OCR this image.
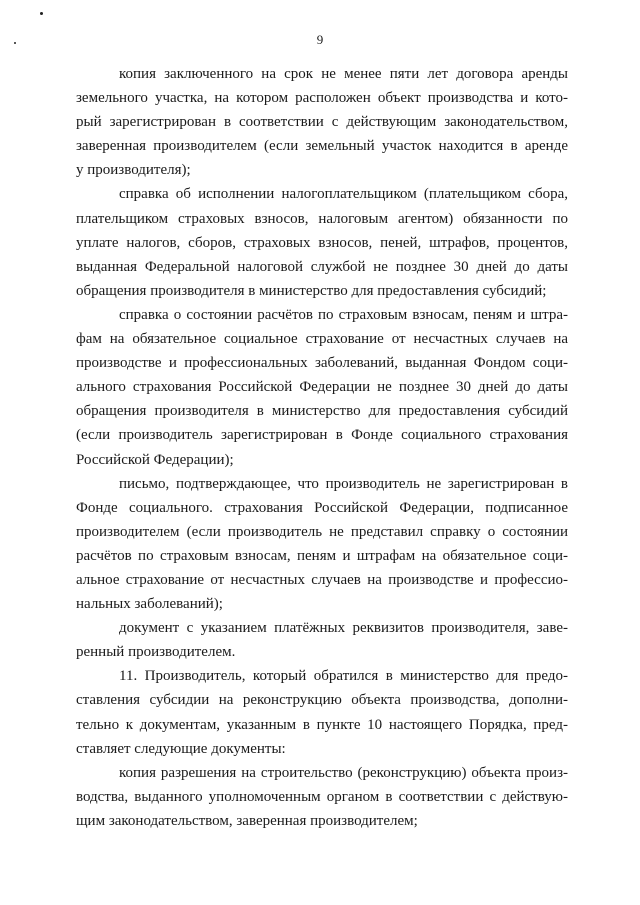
9
копия заключенного на срок не менее пяти лет договора аренды
земельного участка, на котором расположен объект производства и кото-
рый зарегистрирован в соответствии с действующим законодательством,
заверенная производителем (если земельный участок находится в аренде
у производителя);
справка об исполнении налогоплательщиком (плательщиком сбора,
плательщиком страховых взносов, налоговым агентом) обязанности по
уплате налогов, сборов, страховых взносов, пеней, штрафов, процентов,
выданная Федеральной налоговой службой не позднее 30 дней до даты
обращения производителя в министерство для предоставления субсидий;
справка о состоянии расчётов по страховым взносам, пеням и штра-
фам на обязательное социальное страхование от несчастных случаев на
производстве и профессиональных заболеваний, выданная Фондом соци-
ального страхования Российской Федерации не позднее 30 дней до даты
обращения производителя в министерство для предоставления субсидий
(если производитель зарегистрирован в Фонде социального страхования
Российской Федерации);
письмо, подтверждающее, что производитель не зарегистрирован в
Фонде социального. страхования Российской Федерации, подписанное
производителем (если производитель не представил справку о состоянии
расчётов по страховым взносам, пеням и штрафам на обязательное соци-
альное страхование от несчастных случаев на производстве и профессио-
нальных заболеваний);
документ с указанием платёжных реквизитов производителя, заве-
ренный производителем.
11. Производитель, который обратился в министерство для предо-
ставления субсидии на реконструкцию объекта производства, дополни-
тельно к документам, указанным в пункте 10 настоящего Порядка, пред-
ставляет следующие документы:
копия разрешения на строительство (реконструкцию) объекта произ-
водства, выданного уполномоченным органом в соответствии с действую-
щим законодательством, заверенная производителем;
